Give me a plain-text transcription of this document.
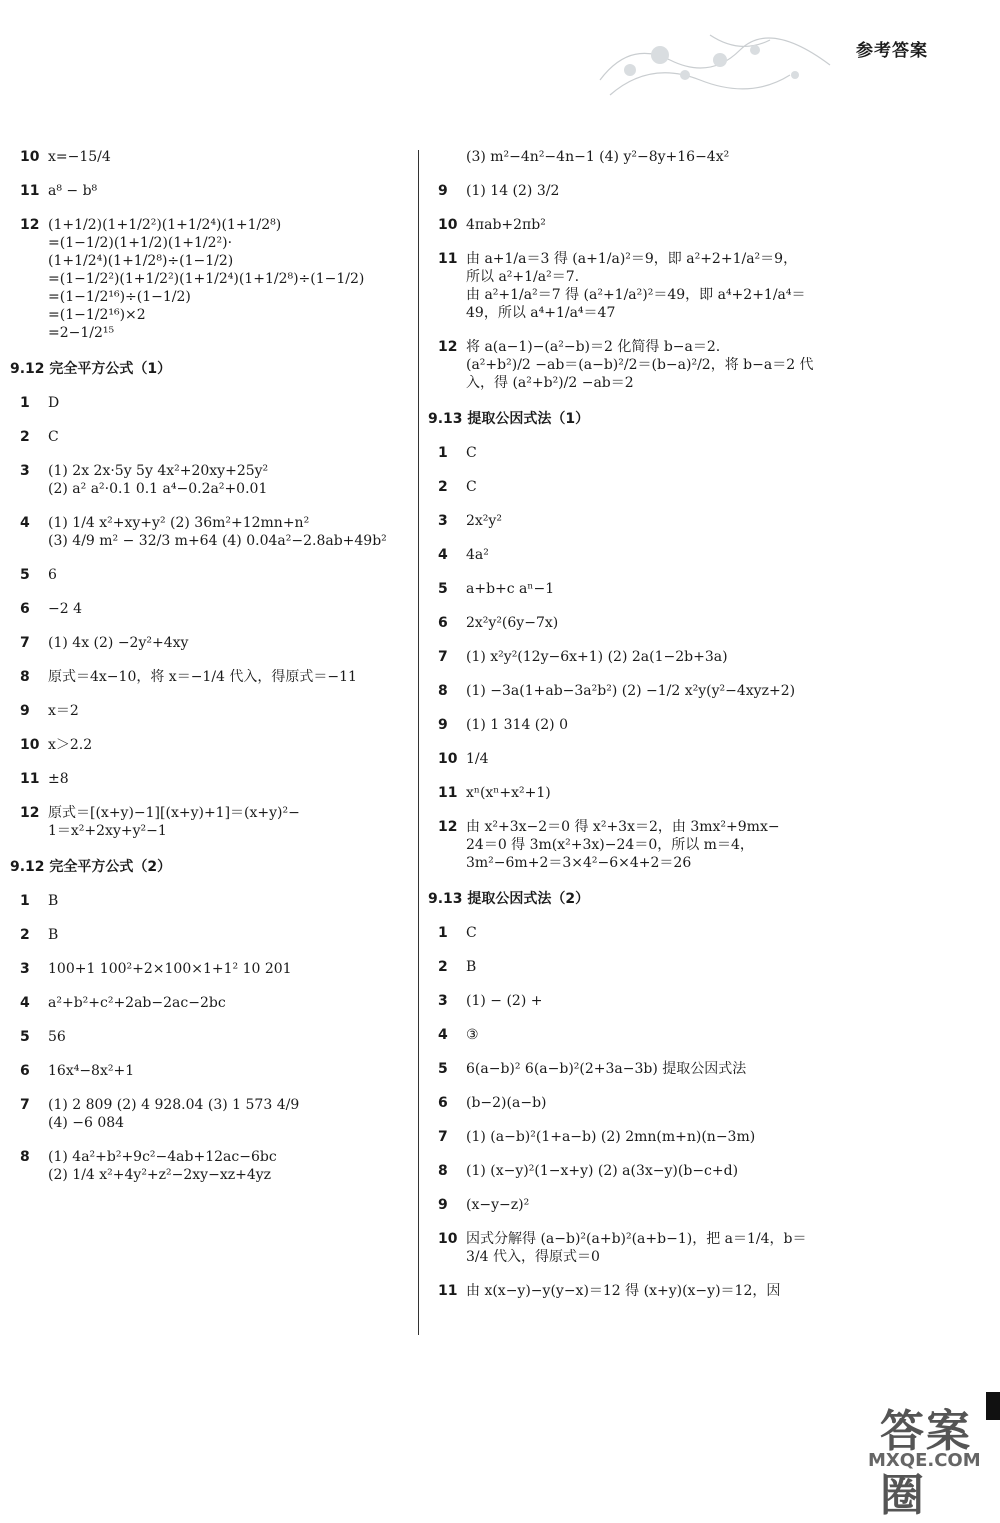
参考答案
10 x=−15/4
11 a⁸ − b⁸
12 (1+1/2)(1+1/2²)(1+1/2⁴)(1+1/2⁸)
=(1−1/2)(1+1/2)(1+1/2²)·
(1+1/2⁴)(1+1/2⁸)÷(1−1/2)
=(1−1/2²)(1+1/2²)(1+1/2⁴)(1+1/2⁸)÷(1−1/2)
=(1−1/2¹⁶)÷(1−1/2)
=(1−1/2¹⁶)×2
=2−1/2¹⁵
9.12 完全平方公式（1）
1	D
2	C
3	(1) 2x 2x·5y 5y 4x²+20xy+25y²
(2) a² a²·0.1 0.1 a⁴−0.2a²+0.01
4	(1) 1/4 x²+xy+y² (2) 36m²+12mn+n²
(3) 4/9 m² − 32/3 m+64 (4) 0.04a²−2.8ab+49b²
5	6
6	−2 4
7	(1) 4x (2) −2y²+4xy
8	原式＝4x−10，将 x＝−1/4 代入，得原式＝−11
9	x＝2
10 x＞2.2
11 ±8
12 原式＝[(x+y)−1][(x+y)+1]＝(x+y)²−
1＝x²+2xy+y²−1
9.12 完全平方公式（2）
1	B
2	B
3	100+1 100²+2×100×1+1² 10 201
4	a²+b²+c²+2ab−2ac−2bc
5	56
6	16x⁴−8x²+1
7	(1) 2 809 (2) 4 928.04 (3) 1 573 4/9
(4) −6 084
8	(1) 4a²+b²+9c²−4ab+12ac−6bc
(2) 1/4 x²+4y²+z²−2xy−xz+4yz
(3) m²−4n²−4n−1 (4) y²−8y+16−4x²
9	(1) 14 (2) 3/2
10 4πab+2πb²
11 由 a+1/a＝3 得 (a+1/a)²＝9，即 a²+2+1/a²＝9，
所以 a²+1/a²＝7.
由 a²+1/a²＝7 得 (a²+1/a²)²＝49，即 a⁴+2+1/a⁴＝
49，所以 a⁴+1/a⁴＝47
12 将 a(a−1)−(a²−b)＝2 化简得 b−a＝2.
(a²+b²)/2 −ab＝(a−b)²/2＝(b−a)²/2，将 b−a＝2 代
入，得 (a²+b²)/2 −ab＝2
9.13 提取公因式法（1）
1	C
2	C
3	2x²y²
4	4a²
5	a+b+c aⁿ−1
6	2x²y²(6y−7x)
7	(1) x²y²(12y−6x+1) (2) 2a(1−2b+3a)
8	(1) −3a(1+ab−3a²b²) (2) −1/2 x²y(y²−4xyz+2)
9	(1) 1 314 (2) 0
10 1/4
11 xⁿ(xⁿ+x²+1)
12 由 x²+3x−2＝0 得 x²+3x＝2，由 3mx²+9mx−
24＝0 得 3m(x²+3x)−24＝0，所以 m＝4，
3m²−6m+2＝3×4²−6×4+2＝26
9.13 提取公因式法（2）
1	C
2	B
3	(1) − (2) +
4	③
5	6(a−b)² 6(a−b)²(2+3a−3b) 提取公因式法
6	(b−2)(a−b)
7	(1) (a−b)²(1+a−b) (2) 2mn(m+n)(n−3m)
8	(1) (x−y)²(1−x+y) (2) a(3x−y)(b−c+d)
9	(x−y−z)²
10 因式分解得 (a−b)²(a+b)²(a+b−1)，把 a＝1/4，b＝
3/4 代入，得原式＝0
11 由 x(x−y)−y(y−x)＝12 得 (x+y)(x−y)＝12，因
答案圈
MXQE.COM
